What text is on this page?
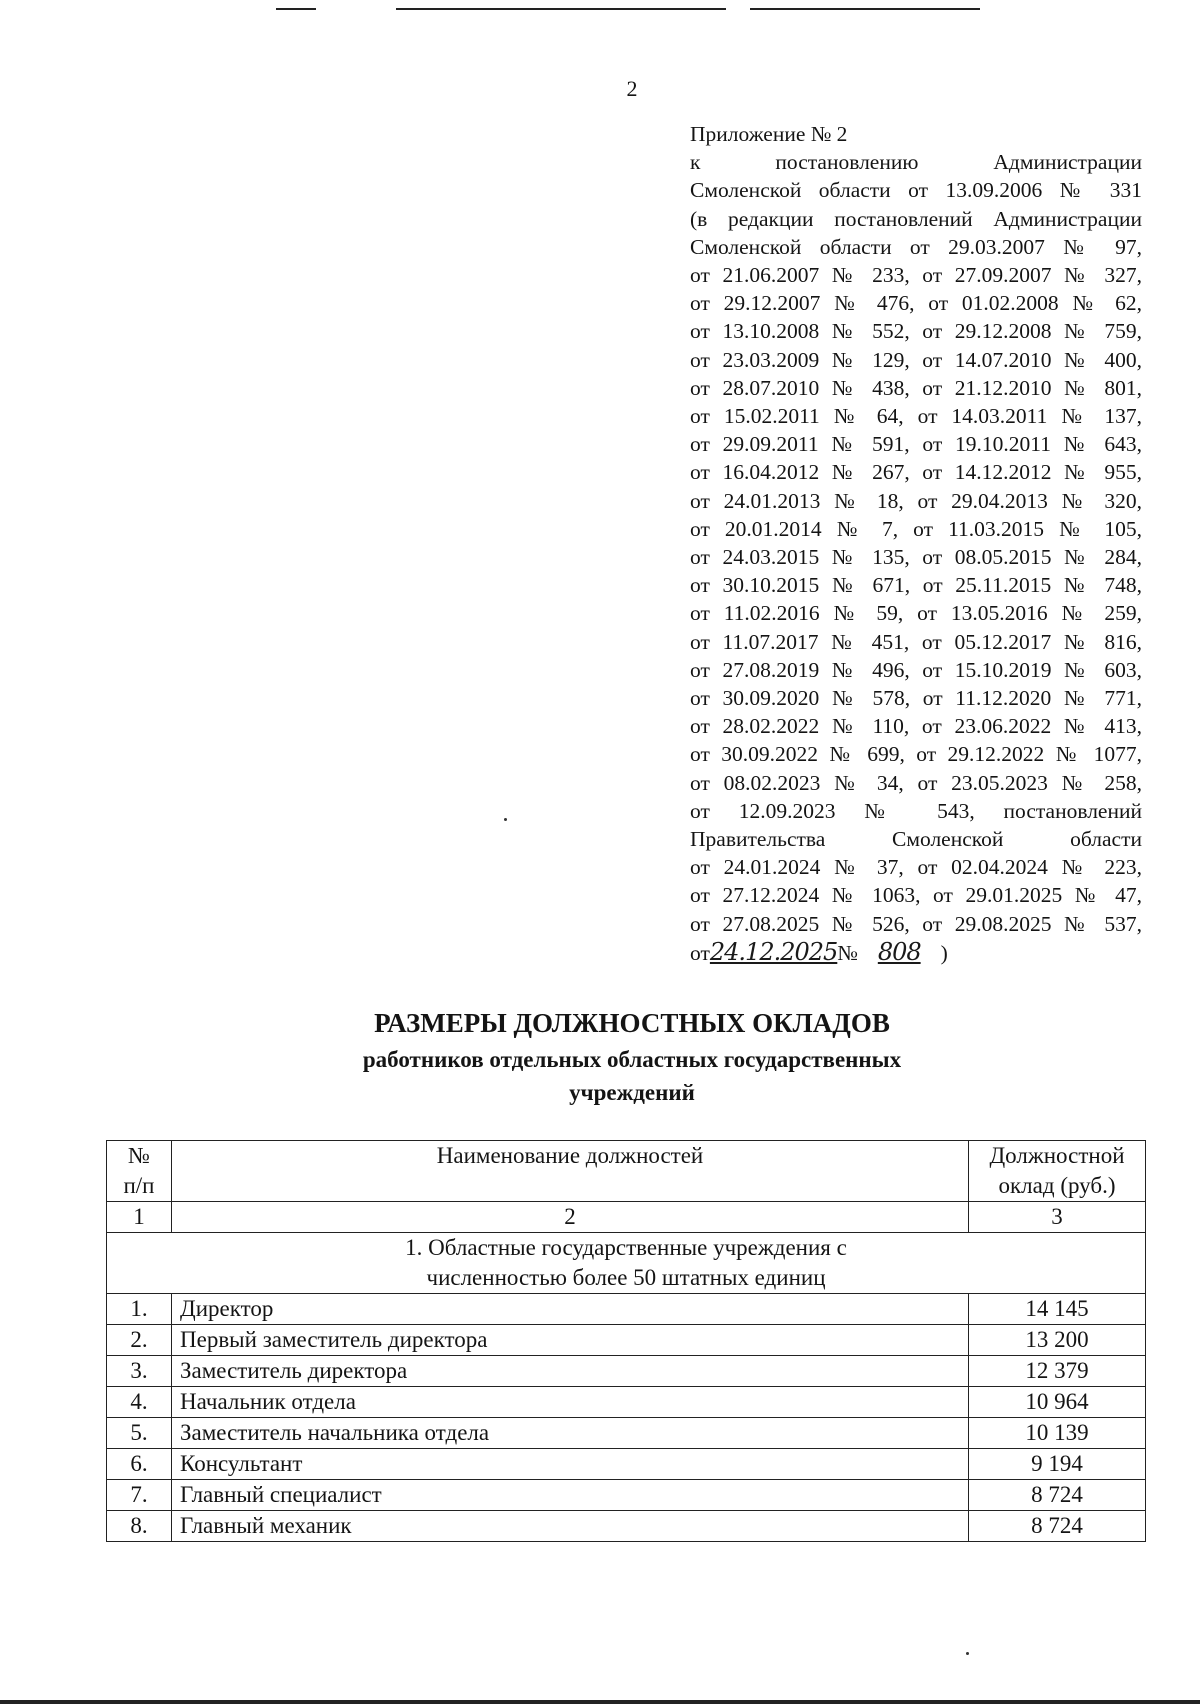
2
Приложение № 2
к постановлению Администрации
Смоленской области от 13.09.2006 № 331
(в редакции постановлений Администрации
Смоленской области от 29.03.2007 № 97,
от 21.06.2007 № 233, от 27.09.2007 № 327,
от 29.12.2007 № 476, от 01.02.2008 № 62,
от 13.10.2008 № 552, от 29.12.2008 № 759,
от 23.03.2009 № 129, от 14.07.2010 № 400,
от 28.07.2010 № 438, от 21.12.2010 № 801,
от 15.02.2011 № 64, от 14.03.2011 № 137,
от 29.09.2011 № 591, от 19.10.2011 № 643,
от 16.04.2012 № 267, от 14.12.2012 № 955,
от 24.01.2013 № 18, от 29.04.2013 № 320,
от 20.01.2014 № 7, от 11.03.2015 № 105,
от 24.03.2015 № 135, от 08.05.2015 № 284,
от 30.10.2015 № 671, от 25.11.2015 № 748,
от 11.02.2016 № 59, от 13.05.2016 № 259,
от 11.07.2017 № 451, от 05.12.2017 № 816,
от 27.08.2019 № 496, от 15.10.2019 № 603,
от 30.09.2020 № 578, от 11.12.2020 № 771,
от 28.02.2022 № 110, от 23.06.2022 № 413,
от 30.09.2022 № 699, от 29.12.2022 № 1077,
от 08.02.2023 № 34, от 23.05.2023 № 258,
от 12.09.2023 № 543, постановлений
Правительства Смоленской области
от 24.01.2024 № 37, от 02.04.2024 № 223,
от 27.12.2024 № 1063, от 29.01.2025 № 47,
от 27.08.2025 № 526, от 29.08.2025 № 537,
от24.12.2025№ 808 )
РАЗМЕРЫ ДОЛЖНОСТНЫХ ОКЛАДОВ
работников отдельных областных государственных
учреждений
№
п/п	Наименование должностей	Должностной
оклад (руб.)
1	2	3
1. Областные государственные учреждения с
численностью более 50 штатных единиц		
1.	Директор	14 145
2.	Первый заместитель директора	13 200
3.	Заместитель директора	12 379
4.	Начальник отдела	10 964
5.	Заместитель начальника отдела	10 139
6.	Консультант	9 194
7.	Главный специалист	8 724
8.	Главный механик	8 724
